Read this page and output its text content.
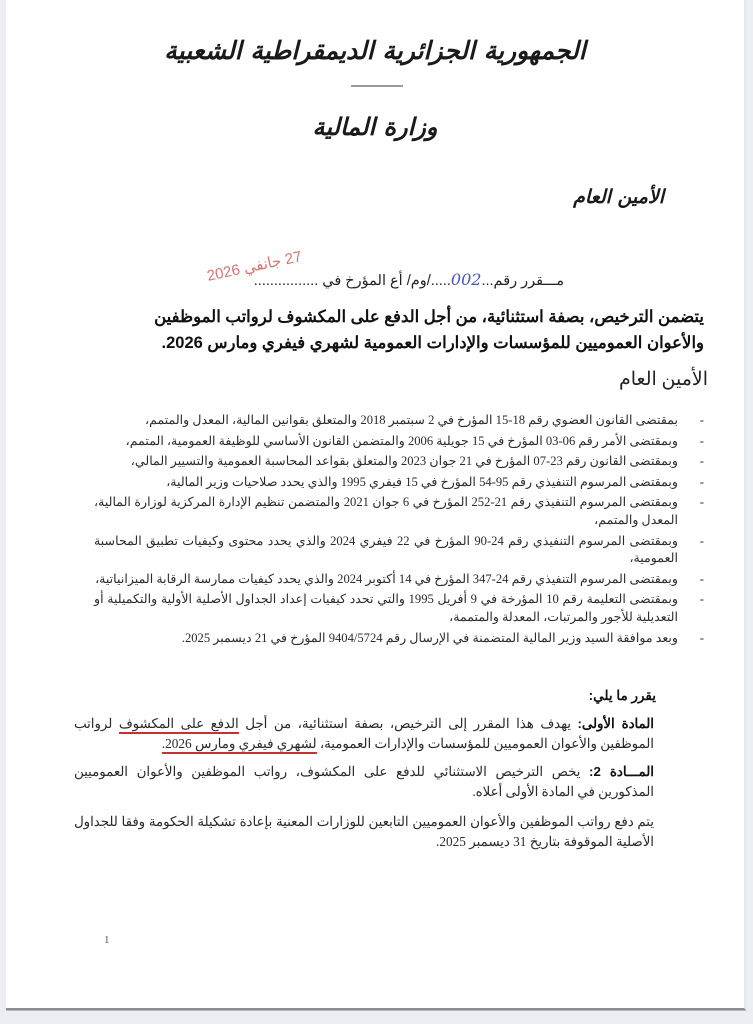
الجمهورية الجزائرية الديمقراطية الشعبية
وزارة المالية
الأمين العام
مـــقرر رقم...002...../وم/ أع المؤرخ في ................
27 جانفي 2026
يتضمن الترخيص، بصفة استثنائية، من أجل الدفع على المكشوف لرواتب الموظفين
والأعوان العموميين للمؤسسات والإدارات العمومية لشهري فيفري ومارس 2026.
الأمين العام
-
بمقتضى القانون العضوي رقم 18-15 المؤرخ في 2 سبتمبر 2018 والمتعلق بقوانين المالية، المعدل والمتمم،
-
وبمقتضى الأمر رقم 06-03 المؤرخ في 15 جويلية 2006 والمتضمن القانون الأساسي للوظيفة العمومية، المتمم،
-
وبمقتضى القانون رقم 23-07 المؤرخ في 21 جوان 2023 والمتعلق بقواعد المحاسبة العمومية والتسيير المالي،
-
وبمقتضى المرسوم التنفيذي رقم 95-54 المؤرخ في 15 فيفري 1995 والذي يحدد صلاحيات وزير المالية،
-
وبمقتضى المرسوم التنفيذي رقم 21-252 المؤرخ في 6 جوان 2021 والمتضمن تنظيم الإدارة المركزية لوزارة المالية، المعدل والمتمم،
-
وبمقتضى المرسوم التنفيذي رقم 24-90 المؤرخ في 22 فيفري 2024 والذي يحدد محتوى وكيفيات تطبيق المحاسبة العمومية،
-
وبمقتضى المرسوم التنفيذي رقم 24-347 المؤرخ في 14 أكتوبر 2024 والذي يحدد كيفيات ممارسة الرقابة الميزانياتية،
-
وبمقتضى التعليمة رقم 10 المؤرخة في 9 أفريل 1995 والتي تحدد كيفيات إعداد الجداول الأصلية الأولية والتكميلية أو التعديلية للأجور والمرتبات، المعدلة والمتممة،
-
وبعد موافقة السيد وزير المالية المتضمنة في الإرسال رقم 9404/5724 المؤرخ في 21 ديسمبر 2025.
يقرر ما يلي:
المادة الأولى: يهدف هذا المقرر إلى الترخيص، بصفة استثنائية، من أجل الدفع على المكشوف لرواتب الموظفين والأعوان العموميين للمؤسسات والإدارات العمومية، لشهري فيفري ومارس 2026.
المـــادة 2: يخص الترخيص الاستثنائي للدفع على المكشوف، رواتب الموظفين والأعوان العموميين المذكورين في المادة الأولى أعلاه.
يتم دفع رواتب الموظفين والأعوان العموميين التابعين للوزارات المعنية بإعادة تشكيلة الحكومة وفقا للجداول الأصلية الموقوفة بتاريخ 31 ديسمبر 2025.
1
